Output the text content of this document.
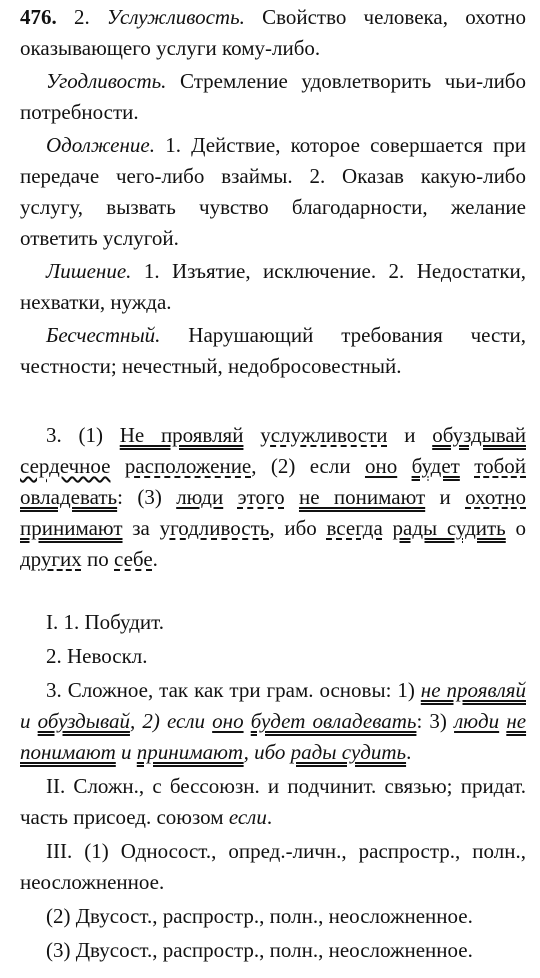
476. 2. Услужливость. Свойство человека, охотно оказывающего услуги кому-либо.

Угодливость. Стремление удовлетворить чьи-либо потребности.

Одолжение. 1. Действие, которое совершается при передаче чего-либо взаймы. 2. Оказав какую-либо услугу, вызвать чувство благодарности, желание ответить услугой.

Лишение. 1. Изъятие, исключение. 2. Недостатки, нехватки, нужда.

Бесчестный. Нарушающий требования чести, честности; нечестный, недобросовестный.

3. (1) Не проявляй услужливости и обуздывай сердечное расположение, (2) если оно будет тобой овладевать: (3) люди этого не понимают и охотно принимают за угодливость, ибо всегда рады судить о других по себе.

I. 1. Побудит.

2. Невоскл.

3. Сложное, так как три грам. основы: 1) не проявляй и обуздывай, 2) если оно будет овладевать: 3) люди не понимают и принимают, ибо рады судить.

II. Сложн., с бессоюзн. и подчинит. связью; придат. часть присоед. союзом если.

III. (1) Односост., опред.-личн., распростр., полн., неосложненное.

(2) Двусост., распростр., полн., неосложненное.

(3) Двусост., распростр., полн., неосложненное.
